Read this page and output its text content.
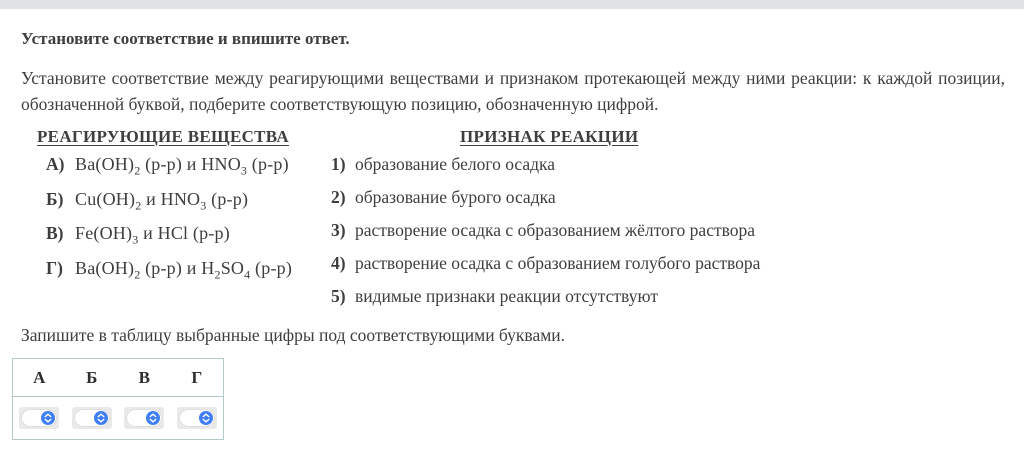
Установите соответствие и впишите ответ.

Установите соответствие между реагирующими веществами и признаком протекающей между ними реакции: к каждой позиции, обозначенной буквой, подберите соответствующую позицию, обозначенную цифрой.

РЕАГИРУЮЩИЕ ВЕЩЕСТВА
А) $Ba(OH)_2$ (р-р) и $HNO_3$ (р-р)
Б) $Cu(OH)_2$ и $HNO_3$ (р-р)
В) $Fe(OH)_3$ и HCl (р-р)
Г) $Ba(OH)_2$ (р-р) и $H_2SO_4$ (р-р)
ПРИЗНАК РЕАКЦИИ
1) образование белого осадка
2) образование бурого осадка
3) растворение осадка с образованием жёлтого раствора
4) растворение осадка с образованием голубого раствора
5) видимые признаки реакции отсутствуют

Запишите в таблицу выбранные цифры под соответствующими буквами.

А Б В Г
